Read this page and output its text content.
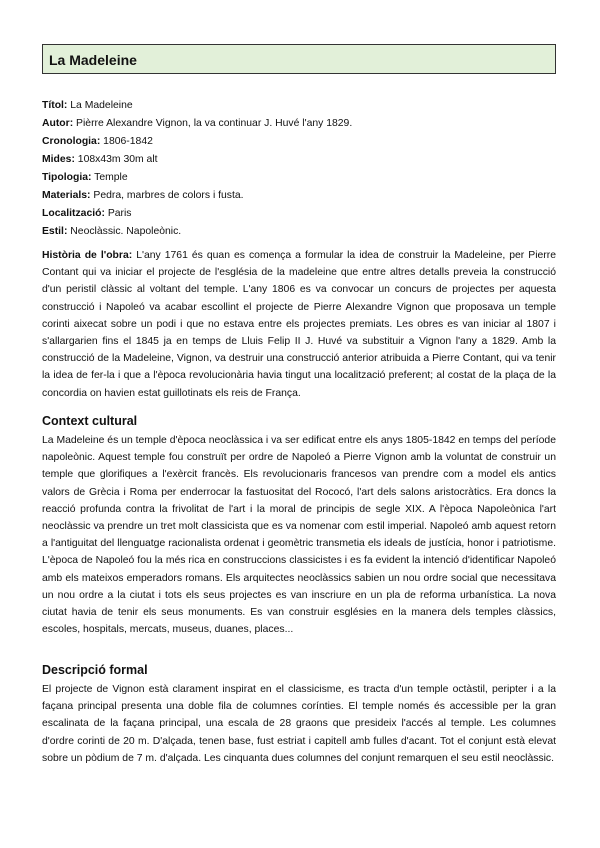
La Madeleine
Títol: La Madeleine
Autor: Pièrre Alexandre Vignon, la va continuar J. Huvé l'any 1829.
Cronologia: 1806-1842
Mides: 108x43m 30m alt
Tipologia: Temple
Materials: Pedra, marbres de colors i fusta.
Localització: Paris
Estil: Neoclàssic. Napoleònic.
Història de l'obra: L'any 1761 és quan es comença a formular la idea de construir la Madeleine, per Pierre Contant qui va iniciar el projecte de l'església de la madeleine que entre altres detalls preveia la construcció d'un peristil clàssic al voltant del temple. L'any 1806 es va convocar un concurs de projectes per aquesta construcció i Napoleó va acabar escollint el projecte de Pierre Alexandre Vignon que proposava un temple corinti aixecat sobre un podi i que no estava entre els projectes premiats. Les obres es van iniciar al 1807 i s'allargarien fins el 1845 ja en temps de Lluis Felip II J. Huvé va substituir a Vignon l'any a 1829. Amb la construcció de la Madeleine, Vignon, va destruir una construcció anterior atribuida a Pierre Contant, qui va tenir la idea de fer-la i que a l'època revolucionària havia tingut una localització preferent; al costat de la plaça de la concordia on havien estat guillotinats els reis de França.
Context cultural
La Madeleine és un temple d'època neoclàssica i va ser edificat entre els anys 1805-1842 en temps del període napoleònic. Aquest temple fou construït per ordre de Napoleó a Pierre Vignon amb la voluntat de construir un temple que glorifiques a l'exèrcit francès. Els revolucionaris francesos van prendre com a model els antics valors de Grècia i Roma per enderrocar la fastuositat del Rococó, l'art dels salons aristocràtics. Era doncs la reacció profunda contra la frivolitat de l'art i la moral de principis de segle XIX. A l'època Napoleònica l'art neoclàssic va prendre un tret molt classicista que es va nomenar com estil imperial. Napoleó amb aquest retorn a l'antiguitat del llenguatge racionalista ordenat i geomètric transmetia els ideals de justícia, honor i patriotisme. L'època de Napoleó fou la més rica en construccions classicistes i es fa evident la intenció d'identificar Napoleó amb els mateixos emperadors romans. Els arquitectes neoclàssics sabien un nou ordre social que necessitava un nou ordre a la ciutat i tots els seus projectes es van inscriure en un pla de reforma urbanística. La nova ciutat havia de tenir els seus monuments. Es van construir esglésies en la manera dels temples clàssics, escoles, hospitals, mercats, museus, duanes, places...
Descripció formal
El projecte de Vignon està clarament inspirat en el classicisme, es tracta d'un temple octàstil, peripter i a la façana principal presenta una doble fila de columnes corínties. El temple només és accessible per la gran escalinata de la façana principal, una escala de 28 graons que presideix l'accés al temple. Les columnes d'ordre corinti de 20 m. D'alçada, tenen base, fust estriat i capitell amb fulles d'acant. Tot el conjunt està elevat sobre un pòdium de 7 m. d'alçada. Les cinquanta dues columnes del conjunt remarquen el seu estil neoclàssic.
